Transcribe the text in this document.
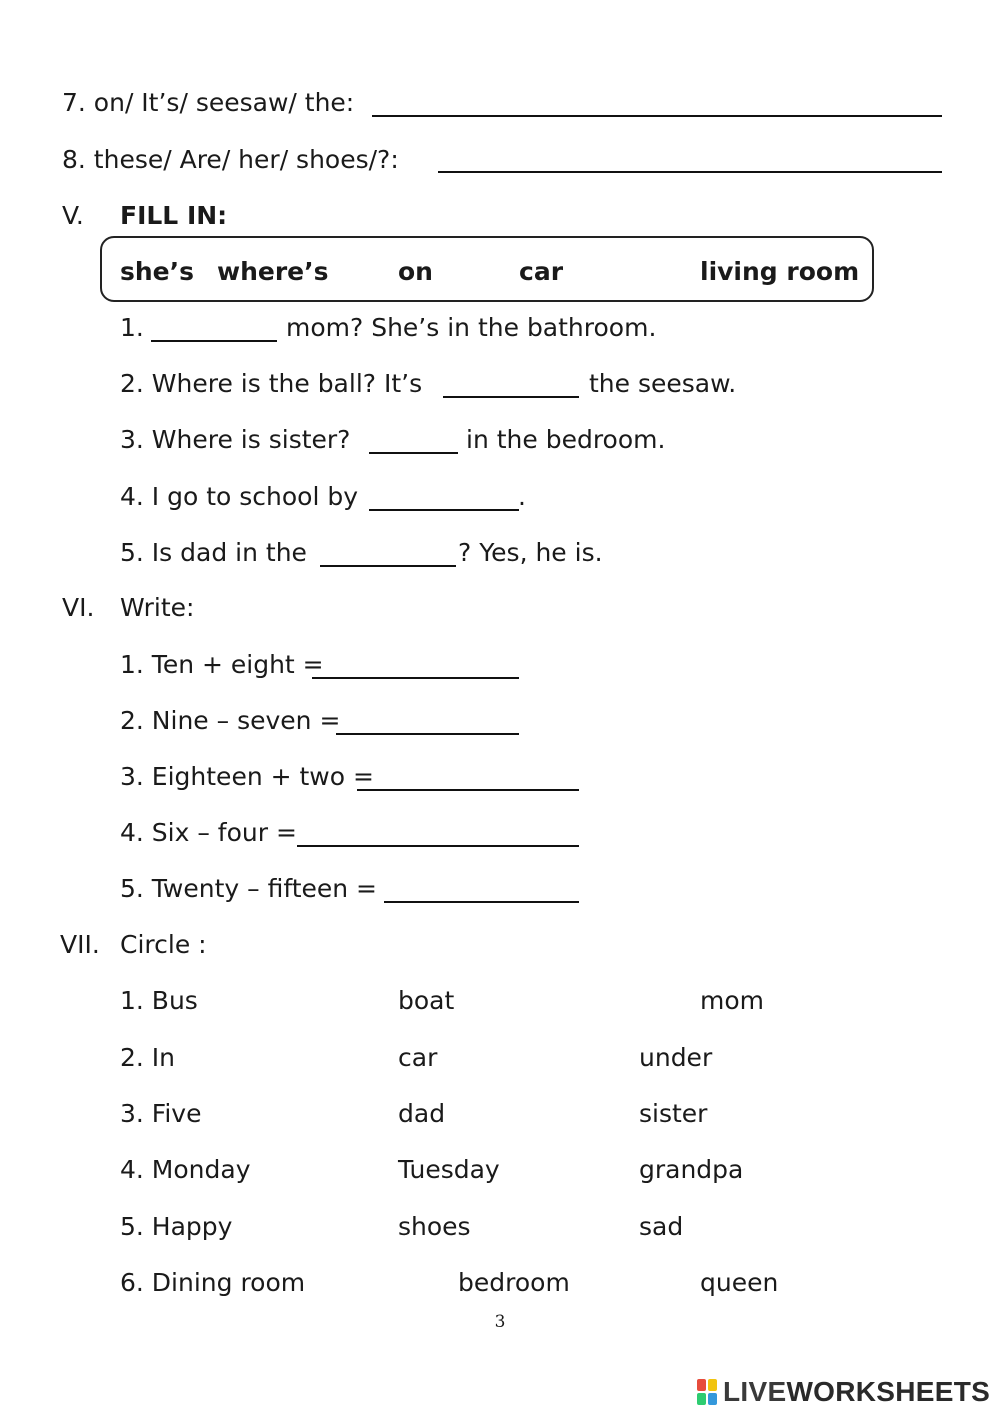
7. on/ It’s/ seesaw/ the:
8. these/ Are/ her/ shoes/?:
V. FILL IN:
she’s where’s	on	car	living room
1.	mom? She’s in the bathroom.
2. Where is the ball? It’s	the seesaw.
3. Where is sister?	in the bedroom.
4. I go to school by	.
5. Is dad in the	? Yes, he is.
VI. Write:
1. Ten + eight =
2. Nine – seven =
3. Eighteen + two =
4. Six – four =
5. Twenty – fifteen =
VII. Circle :
1. Bus	boat	mom
2. In	car	under
3. Five	dad	sister
4. Monday	Tuesday	grandpa
5. Happy	shoes	sad
6. Dining room	bedroom	queen
3
LIVEWORKSHEETS
